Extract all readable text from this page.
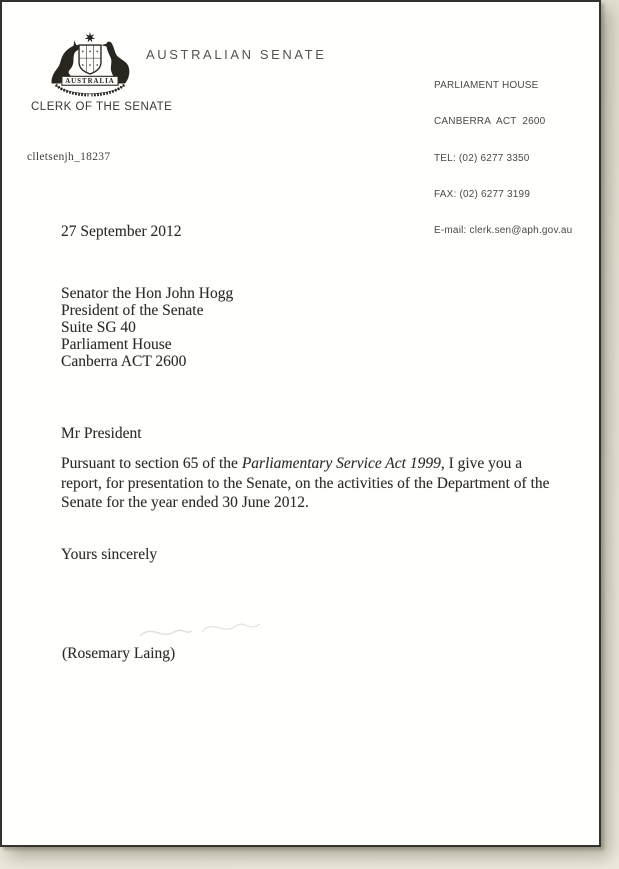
AUSTRALIA
AUSTRALIAN SENATE
CLERK OF THE SENATE

PARLIAMENT HOUSE

CANBERRA  ACT  2600

TEL: (02) 6277 3350

FAX: (02) 6277 3199

E-mail: clerk.sen@aph.gov.au

clletsenjh_18237
27 September 2012
Senator the Hon John Hogg
President of the Senate
Suite SG 40
Parliament House
Canberra ACT 2600
Mr President
Pursuant to section 65 of the Parliamentary Service Act 1999, I give you a
report, for presentation to the Senate, on the activities of the Department of the
Senate for the year ended 30 June 2012.
Yours sincerely
(Rosemary Laing)
